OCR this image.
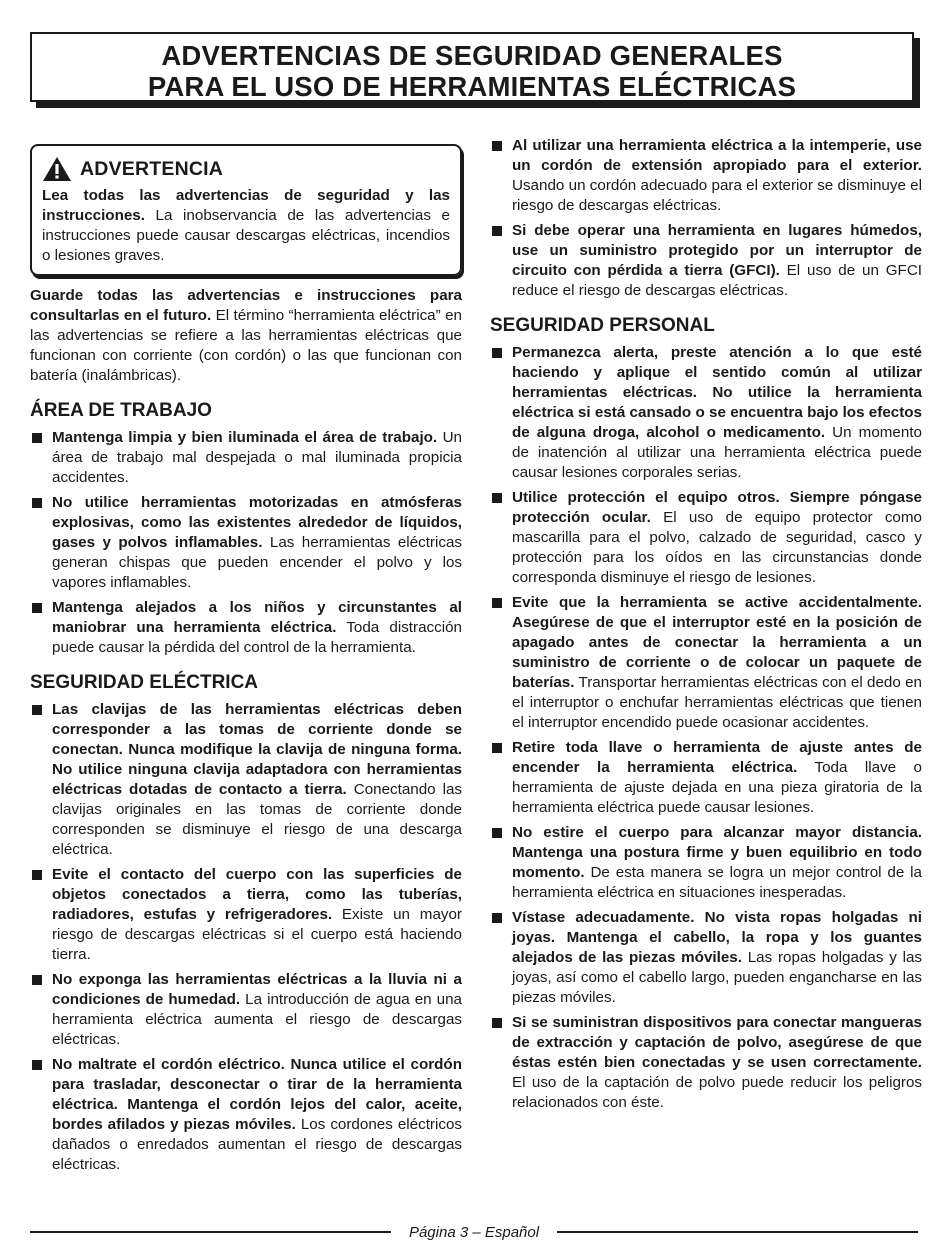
ADVERTENCIAS DE SEGURIDAD GENERALES
PARA EL USO DE HERRAMIENTAS ELÉCTRICAS
ADVERTENCIA

Lea todas las advertencias de seguridad y las instrucciones. La inobservancia de las advertencias e instrucciones puede causar descargas eléctricas, incendios o lesiones graves.

Guarde todas las advertencias e instrucciones para consultarlas en el futuro. El término “herramienta eléctrica” en las advertencias se refiere a las herramientas eléctricas que funcionan con corriente (con cordón) o las que funcionan con batería (inalámbricas).

ÁREA DE TRABAJO
Mantenga limpia y bien iluminada el área de trabajo. Un área de trabajo mal despejada o mal iluminada propicia accidentes.
No utilice herramientas motorizadas en atmósferas explosivas, como las existentes alrededor de líquidos, gases y polvos inflamables. Las herramientas eléctricas generan chispas que pueden encender el polvo y los vapores inflamables.
Mantenga alejados a los niños y circunstantes al maniobrar una herramienta eléctrica. Toda distracción puede causar la pérdida del control de la herramienta.
SEGURIDAD ELÉCTRICA
Las clavijas de las herramientas eléctricas deben corresponder a las tomas de corriente donde se conectan. Nunca modifique la clavija de ninguna forma. No utilice ninguna clavija adaptadora con herramientas eléctricas dotadas de contacto a tierra. Conectando las clavijas originales en las tomas de corriente donde corresponden se disminuye el riesgo de una descarga eléctrica.
Evite el contacto del cuerpo con las superficies de objetos conectados a tierra, como las tuberías, radiadores, estufas y refrigeradores. Existe un mayor riesgo de descargas eléctricas si el cuerpo está haciendo tierra.
No exponga las herramientas eléctricas a la lluvia ni a condiciones de humedad. La introducción de agua en una herramienta eléctrica aumenta el riesgo de descargas eléctricas.
No maltrate el cordón eléctrico. Nunca utilice el cordón para trasladar, desconectar o tirar de la herramienta eléctrica. Mantenga el cordón lejos del calor, aceite, bordes afilados y piezas móviles. Los cordones eléctricos dañados o enredados aumentan el riesgo de descargas eléctricas.
Al utilizar una herramienta eléctrica a la intemperie, use un cordón de extensión apropiado para el exterior. Usando un cordón adecuado para el exterior se disminuye el riesgo de descargas eléctricas.
Si debe operar una herramienta en lugares húmedos, use un suministro protegido por un interruptor de circuito con pérdida a tierra (GFCI). El uso de un GFCI reduce el riesgo de descargas eléctricas.
SEGURIDAD PERSONAL
Permanezca alerta, preste atención a lo que esté haciendo y aplique el sentido común al utilizar herramientas eléctricas. No utilice la herramienta eléctrica si está cansado o se encuentra bajo los efectos de alguna droga, alcohol o medicamento. Un momento de inatención al utilizar una herramienta eléctrica puede causar lesiones corporales serias.
Utilice protección el equipo otros. Siempre póngase protección ocular. El uso de equipo protector como mascarilla para el polvo, calzado de seguridad, casco y protección para los oídos en las circunstancias donde corresponda disminuye el riesgo de lesiones.
Evite que la herramienta se active accidentalmente. Asegúrese de que el interruptor esté en la posición de apagado antes de conectar la herramienta a un suministro de corriente o de colocar un paquete de baterías. Transportar herramientas eléctricas con el dedo en el interruptor o enchufar herramientas eléctricas que tienen el interruptor encendido puede ocasionar accidentes.
Retire toda llave o herramienta de ajuste antes de encender la herramienta eléctrica. Toda llave o herramienta de ajuste dejada en una pieza giratoria de la herramienta eléctrica puede causar lesiones.
No estire el cuerpo para alcanzar mayor distancia. Mantenga una postura firme y buen equilibrio en todo momento. De esta manera se logra un mejor control de la herramienta eléctrica en situaciones inesperadas.
Vístase adecuadamente. No vista ropas holgadas ni joyas. Mantenga el cabello, la ropa y los guantes alejados de las piezas móviles. Las ropas holgadas y las joyas, así como el cabello largo, pueden engancharse en las piezas móviles.
Si se suministran dispositivos para conectar mangueras de extracción y captación de polvo, asegúrese de que éstas estén bien conectadas y se usen correctamente. El uso de la captación de polvo puede reducir los peligros relacionados con éste.
Página 3 – Español
